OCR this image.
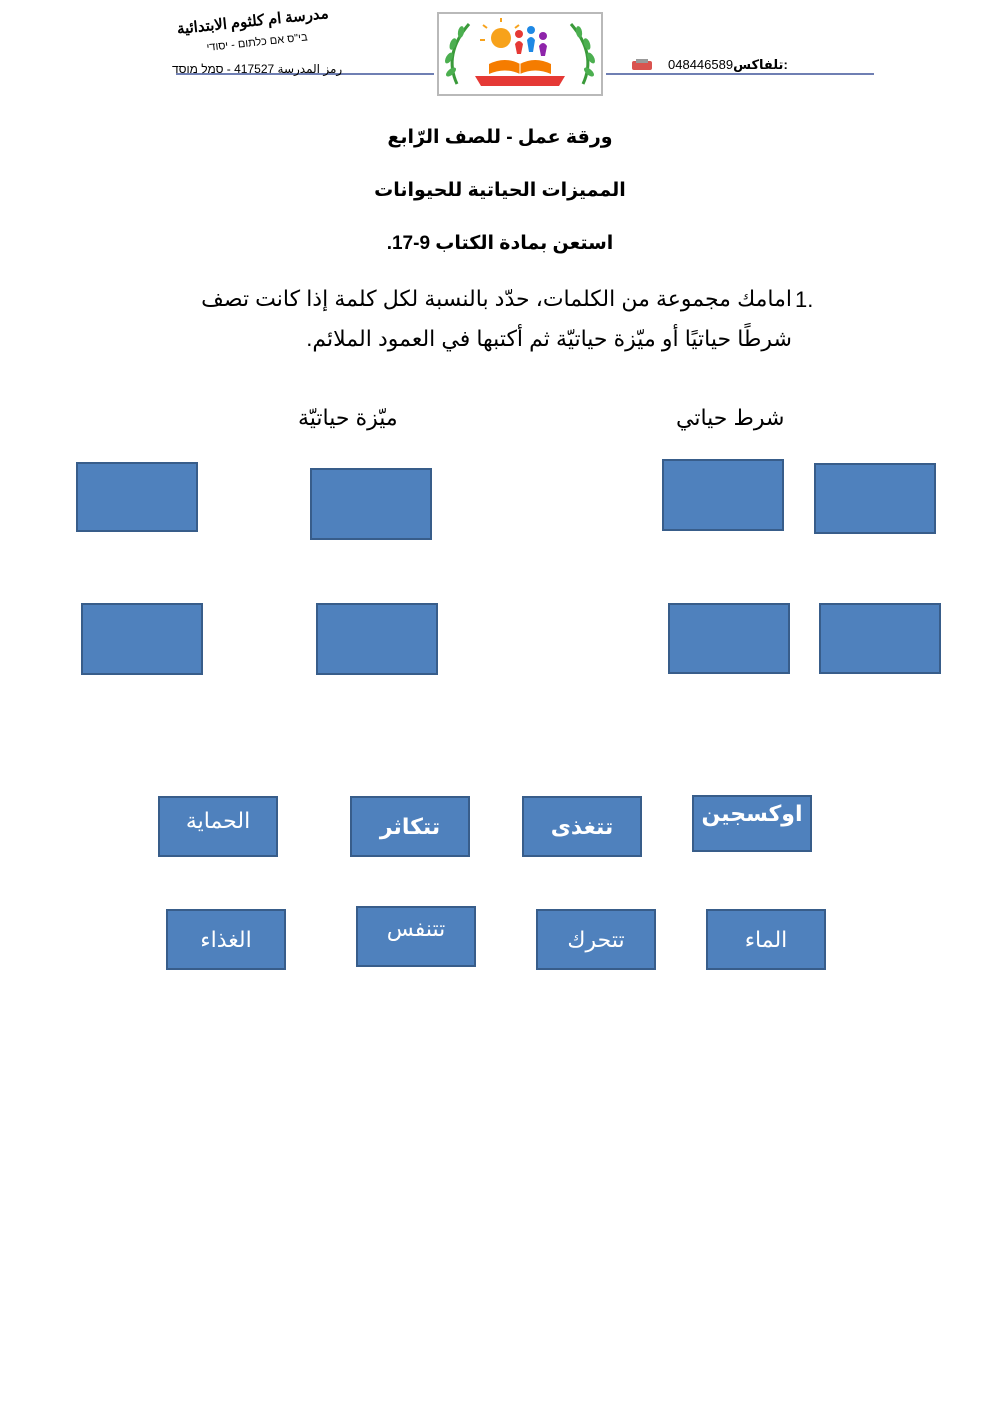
مدرسة ام كلثوم الابتدائية
בי"ס אם כלתום - יסודי
رمز المدرسة 417527 - סמל מוסד	048446589تلفاكس:
ورقة عمل - للصف الرّابع
المميزات الحياتية للحيوانات
استعن بمادة الكتاب 9-17.
1.
امامك مجموعة من الكلمات، حدّد بالنسبة لكل كلمة إذا كانت تصف
شرطًا حياتيًا أو ميّزة حياتيّة ثم أكتبها في العمود الملائم.
شرط حياتي
ميّزة حياتيّة
اوكسجين
تتغذى
تتكاثر
الحماية
الماء
تتحرك
تتنفس
الغذاء
